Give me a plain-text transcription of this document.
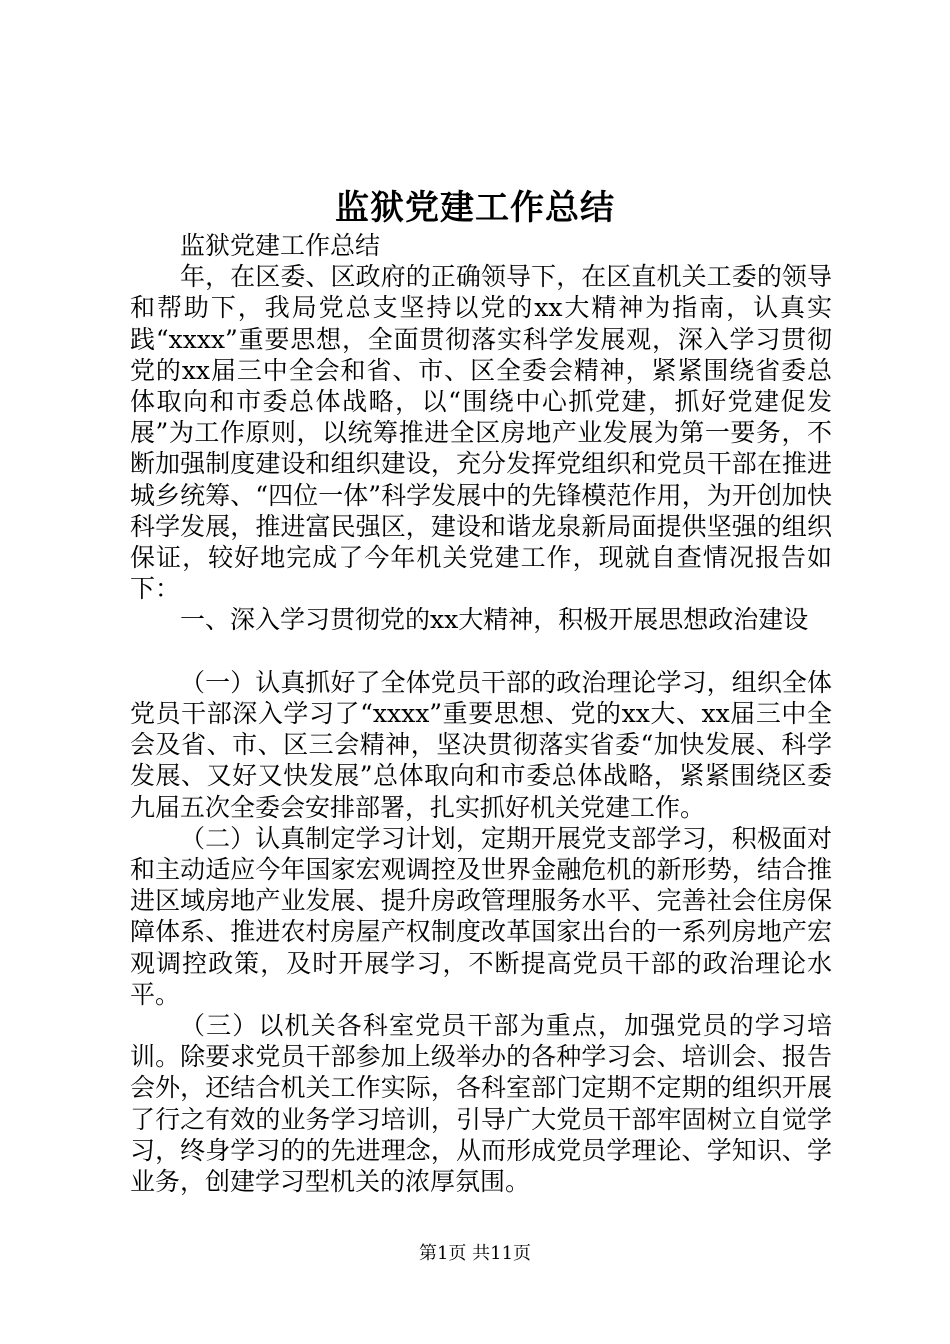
监狱党建工作总结

监狱党建工作总结

年，在区委、区政府的正确领导下，在区直机关工委的领导和帮助下，我局党总支坚持以党的xx大精神为指南，认真实践“xxxx”重要思想，全面贯彻落实科学发展观，深入学习贯彻党的xx届三中全会和省、市、区全委会精神，紧紧围绕省委总体取向和市委总体战略，以“围绕中心抓党建，抓好党建促发展”为工作原则，以统筹推进全区房地产业发展为第一要务，不断加强制度建设和组织建设，充分发挥党组织和党员干部在推进城乡统筹、“四位一体”科学发展中的先锋模范作用，为开创加快科学发展，推进富民强区，建设和谐龙泉新局面提供坚强的组织保证，较好地完成了今年机关党建工作，现就自查情况报告如下：

一、深入学习贯彻党的xx大精神，积极开展思想政治建设

（一）认真抓好了全体党员干部的政治理论学习，组织全体党员干部深入学习了“xxxx”重要思想、党的xx大、xx届三中全会及省、市、区三会精神，坚决贯彻落实省委“加快发展、科学发展、又好又快发展”总体取向和市委总体战略，紧紧围绕区委九届五次全委会安排部署，扎实抓好机关党建工作。

（二）认真制定学习计划，定期开展党支部学习，积极面对和主动适应今年国家宏观调控及世界金融危机的新形势，结合推进区域房地产业发展、提升房政管理服务水平、完善社会住房保障体系、推进农村房屋产权制度改革国家出台的一系列房地产宏观调控政策，及时开展学习，不断提高党员干部的政治理论水平。

（三）以机关各科室党员干部为重点，加强党员的学习培训。除要求党员干部参加上级举办的各种学习会、培训会、报告会外，还结合机关工作实际，各科室部门定期不定期的组织开展了行之有效的业务学习培训，引导广大党员干部牢固树立自觉学习，终身学习的的先进理念，从而形成党员学理论、学知识、学业务，创建学习型机关的浓厚氛围。

第1页 共11页
